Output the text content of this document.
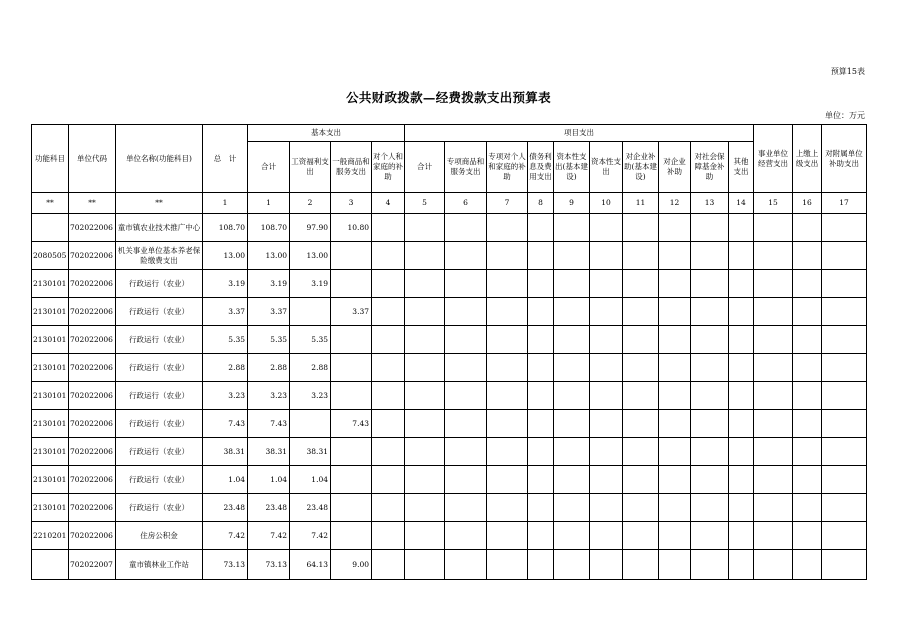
预算15表
公共财政拨款—经费拨款支出预算表
单位：万元
功能科目	单位代码	单位名称(功能科目)	总　计	基本支出				项目支出										事业单位经营支出	上缴上级支出	对附属单位补助支出
				合计	工资福利支出	一般商品和服务支出	对个人和家庭的补助	合计	专项商品和服务支出	专项对个人和家庭的补助	债务利息及费用支出	资本性支出(基本建设)	资本性支出	对企业补助(基本建设)	对企业补助	对社会保障基金补助	其他支出			
**	**	**	1	1	2	3	4	5	6	7	8	9	10	11	12	13	14	15	16	17
	702022006	童市镇农业技术推广中心	108.70	108.70	97.90	10.80														
2080505	702022006	机关事业单位基本养老保险缴费支出	13.00	13.00	13.00															
2130101	702022006	行政运行（农业）	3.19	3.19	3.19															
2130101	702022006	行政运行（农业）	3.37	3.37		3.37														
2130101	702022006	行政运行（农业）	5.35	5.35	5.35															
2130101	702022006	行政运行（农业）	2.88	2.88	2.88															
2130101	702022006	行政运行（农业）	3.23	3.23	3.23															
2130101	702022006	行政运行（农业）	7.43	7.43		7.43														
2130101	702022006	行政运行（农业）	38.31	38.31	38.31															
2130101	702022006	行政运行（农业）	1.04	1.04	1.04															
2130101	702022006	行政运行（农业）	23.48	23.48	23.48															
2210201	702022006	住房公积金	7.42	7.42	7.42															
	702022007	童市镇林业工作站	73.13	73.13	64.13	9.00														
